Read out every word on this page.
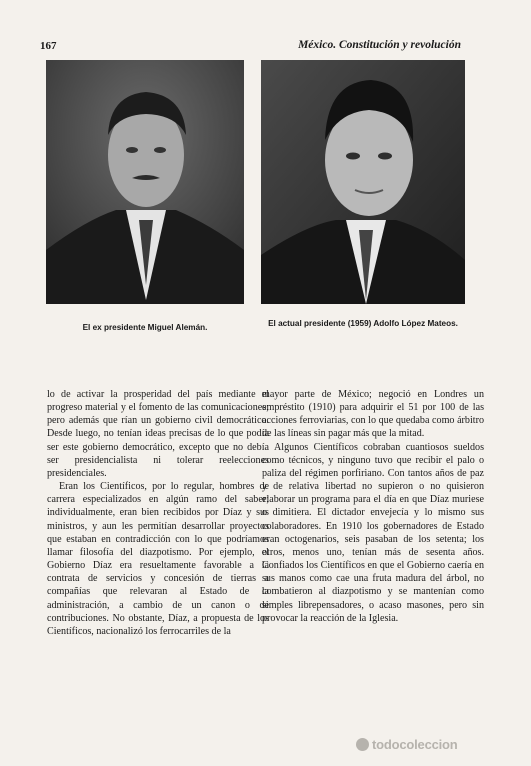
167	México. Constitución y revolución
El ex presidente Miguel Alemán.	El actual presidente (1959) Adolfo López Mateos.

lo de activar la prosperidad del país mediante el progreso material y el fomento de las comunicaciones; pero además que rían un gobierno civil democrático. Desde luego, no tenían ideas precisas de lo que podía ser este gobierno democrático, excepto que no debía ser presidencialista ni tolerar reelecciones presidenciales.

Eran los Científicos, por lo regular, hombres de carrera especializados en algún ramo del saber; individualmente, eran bien recibidos por Díaz y sus ministros, y aun les permitían desarrollar proyectos que estaban en contradicción con lo que podríamos llamar filosofía del diazpotismo. Por ejemplo, el Gobierno Díaz era resueltamente favorable a la contrata de servicios y concesión de tierras a compañías que relevaran al Estado de la administración, a cambio de un canon o de contribuciones. No obstante, Díaz, a propuesta de los Científicos, nacionalizó los ferrocarriles de la

mayor parte de México; negoció en Londres un empréstito (1910) para adquirir el 51 por 100 de las acciones ferroviarias, con lo que quedaba como árbitro de las líneas sin pagar más que la mitad.

Algunos Científicos cobraban cuantiosos sueldos como técnicos, y ninguno tuvo que recibir el palo o paliza del régimen porfiriano. Con tantos años de paz y de relativa libertad no supieron o no quisieron elaborar un programa para el día en que Díaz muriese o dimitiera. El dictador envejecía y lo mismo sus colaboradores. En 1910 los gobernadores de Estado eran octogenarios, seis pasaban de los setenta; los otros, menos uno, tenían más de sesenta años. Confiados los Científicos en que el Gobierno caería en sus manos como cae una fruta madura del árbol, no combatieron al diazpotismo y se mantenían como simples librepensadores, o acaso masones, pero sin provocar la reacción de la Iglesia.

todocoleccion
